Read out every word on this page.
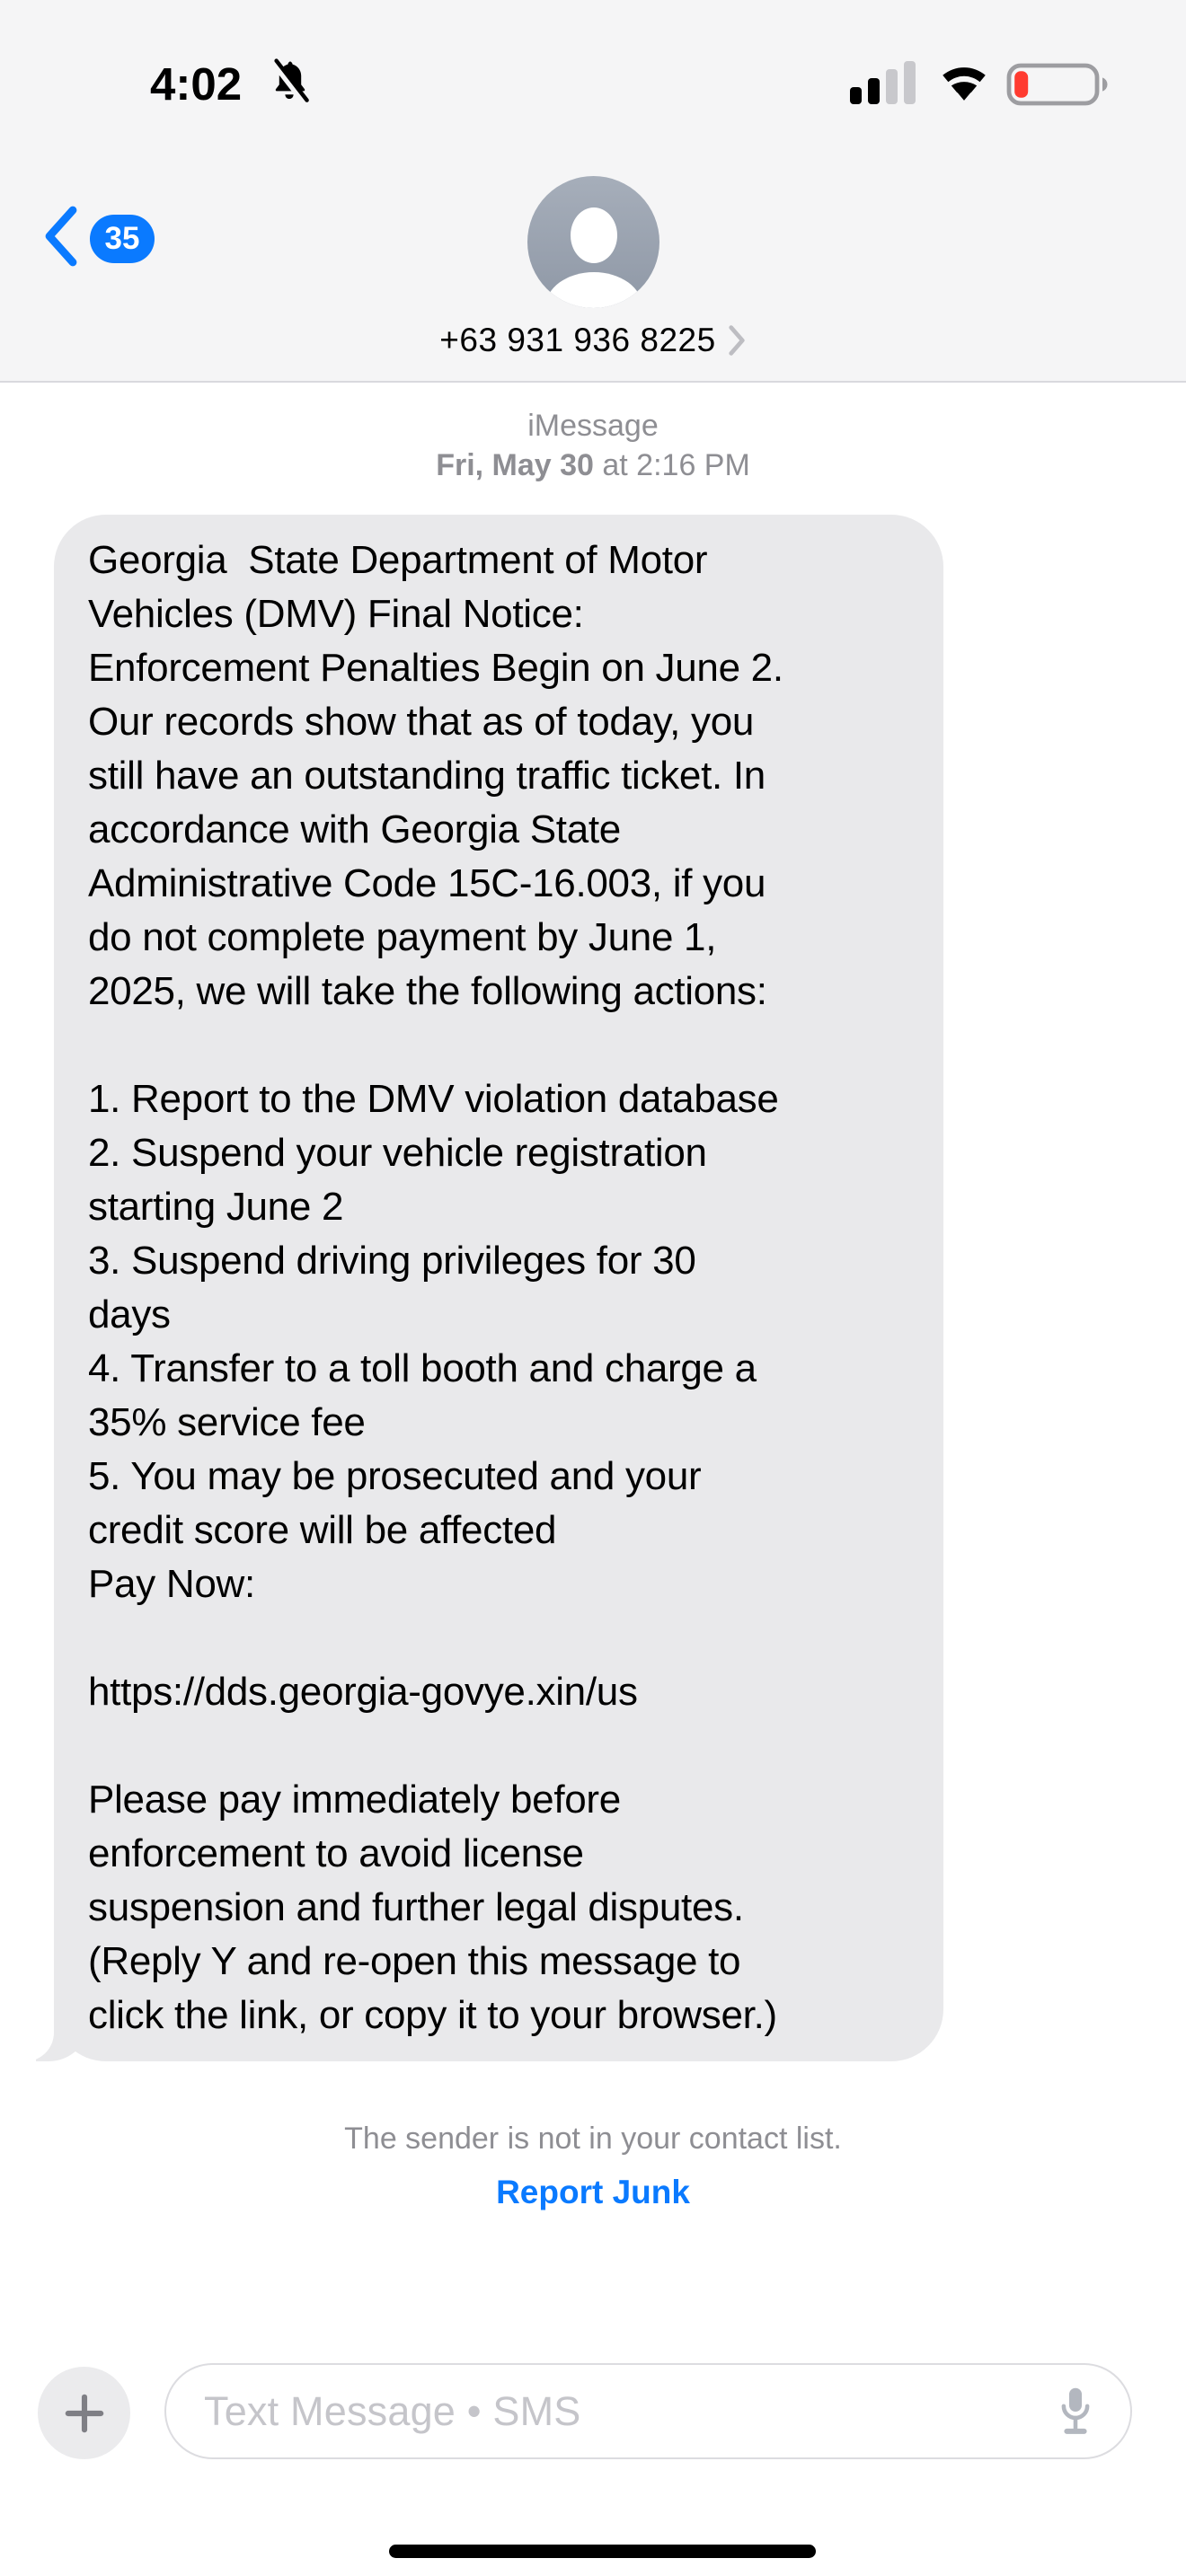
4:02
35
+63 931 936 8225
iMessage
Fri, May 30 at 2:16 PM
Georgia  State Department of Motor
Vehicles (DMV) Final Notice:
Enforcement Penalties Begin on June 2.
Our records show that as of today, you
still have an outstanding traffic ticket. In
accordance with Georgia State
Administrative Code 15C-16.003, if you
do not complete payment by June 1,
2025, we will take the following actions:
1. Report to the DMV violation database
2. Suspend your vehicle registration
starting June 2
3. Suspend driving privileges for 30
days
4. Transfer to a toll booth and charge a
35% service fee
5. You may be prosecuted and your
credit score will be affected
Pay Now:
https://dds.georgia-govye.xin/us
Please pay immediately before
enforcement to avoid license
suspension and further legal disputes.
(Reply Y and re-open this message to
click the link, or copy it to your browser.)
The sender is not in your contact list.
Report Junk
Text Message • SMS
